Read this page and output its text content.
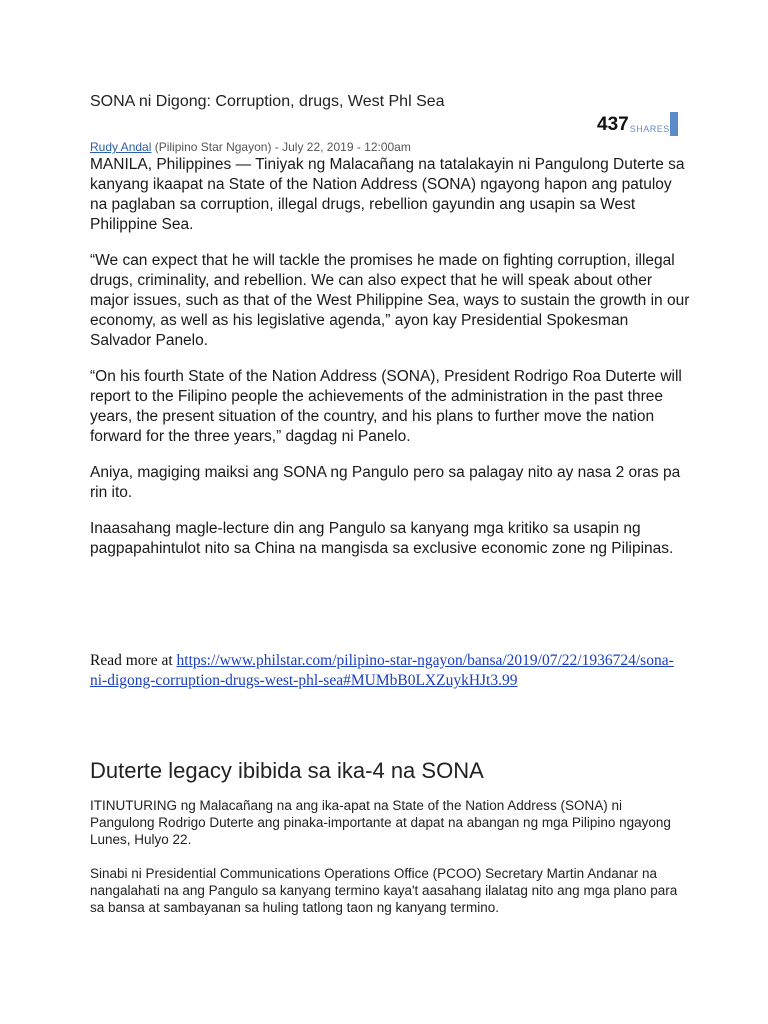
SONA ni Digong: Corruption, drugs, West Phl Sea
437 SHARES
Rudy Andal (Pilipino Star Ngayon) - July 22, 2019 - 12:00am

MANILA, Philippines — Tiniyak ng Malacañang na tatalakayin ni Pangulong Duterte sa kanyang ikaapat na State of the Nation Address (SONA) ngayong hapon ang patuloy na paglaban sa corruption, illegal drugs, rebellion gayundin ang usapin sa West Philippine Sea.

“We can expect that he will tackle the promises he made on fighting corruption, illegal drugs, criminality, and rebellion. We can also expect that he will speak about other major issues, such as that of the West Philippine Sea, ways to sustain the growth in our economy, as well as his legislative agenda,” ayon kay Presidential Spokesman Salvador Panelo.

“On his fourth State of the Nation Address (SONA), President Rodrigo Roa Duterte will report to the Filipino people the achievements of the administration in the past three years, the present situation of the country, and his plans to further move the nation forward for the three years,” dagdag ni Panelo.

Aniya, magiging maiksi ang SONA ng Pangulo pero sa palagay nito ay nasa 2 oras pa rin ito.

Inaasahang magle-lecture din ang Pangulo sa kanyang mga kritiko sa usapin ng pagpapahintulot nito sa China na mangisda sa exclusive economic zone ng Pilipinas.

Read more at https://www.philstar.com/pilipino-star-ngayon/bansa/2019/07/22/1936724/sona-ni-digong-corruption-drugs-west-phl-sea#MUMbB0LXZuykHJt3.99
Duterte legacy ibibida sa ika-4 na SONA

ITINUTURING ng Malacañang na ang ika-apat na State of the Nation Address (SONA) ni Pangulong Rodrigo Duterte ang pinaka-importante at dapat na abangan ng mga Pilipino ngayong Lunes, Hulyo 22.

Sinabi ni Presidential Communications Operations Office (PCOO) Secretary Martin Andanar na nangalahati na ang Pangulo sa kanyang termino kaya't aasahang ilalatag nito ang mga plano para sa bansa at sambayanan sa huling tatlong taon ng kanyang termino.
